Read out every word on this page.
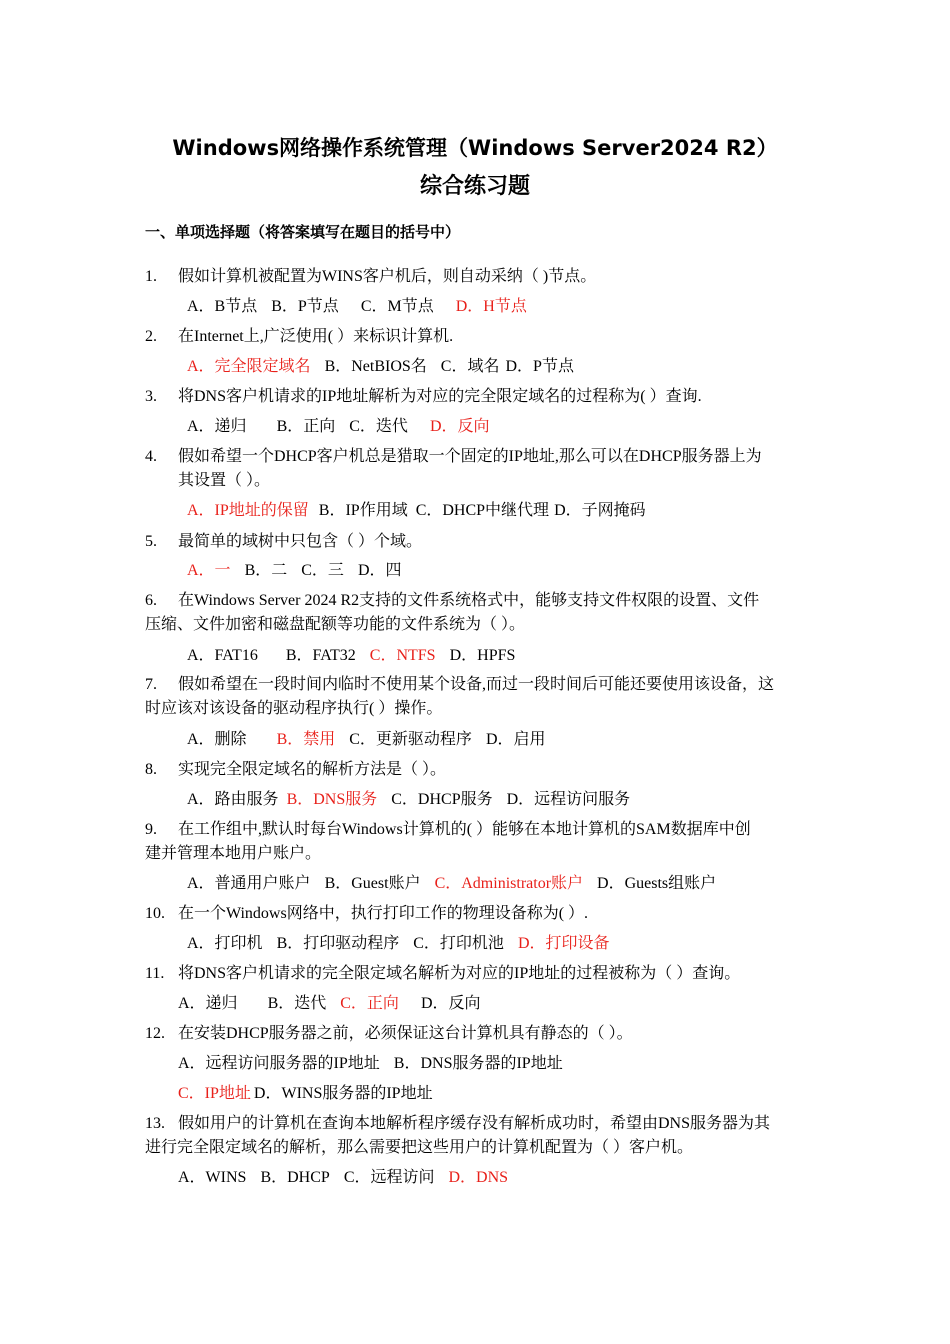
Windows网络操作系统管理（Windows Server2024 R2）
综合练习题
一、单项选择题（将答案填写在题目的括号中）
1. 假如计算机被配置为WINS客户机后，则自动采纳（ )节点。
A．B节点 B．P节点 C．M节点 D．H节点
2. 在Internet上,广泛使用( ）来标识计算机.
A．完全限定域名 B．NetBIOS名 C．域名 D．P节点
3. 将DNS客户机请求的IP地址解析为对应的完全限定域名的过程称为( ）查询.
A．递归 B．正向 C．迭代 D．反向
4. 假如希望一个DHCP客户机总是猎取一个固定的IP地址,那么可以在DHCP服务器上为
其设置（ ）。
A．IP地址的保留 B．IP作用域 C．DHCP中继代理 D．子网掩码
5. 最简单的域树中只包含（ ）个域。
A．一 B．二 C．三 D．四
6. 在Windows Server 2024 R2支持的文件系统格式中，能够支持文件权限的设置、文件
压缩、文件加密和磁盘配额等功能的文件系统为（ ）。
A．FAT16 B．FAT32 C．NTFS D．HPFS
7. 假如希望在一段时间内临时不使用某个设备,而过一段时间后可能还要使用该设备，这
时应该对该设备的驱动程序执行( ）操作。
A．删除 B．禁用 C．更新驱动程序 D．启用
8. 实现完全限定域名的解析方法是（ ）。
A．路由服务 B．DNS服务 C．DHCP服务 D．远程访问服务
9. 在工作组中,默认时每台Windows计算机的( ）能够在本地计算机的SAM数据库中创
建并管理本地用户账户。
A．普通用户账户 B．Guest账户 C．Administrator账户 D．Guests组账户
10. 在一个Windows网络中，执行打印工作的物理设备称为( ）.
A．打印机 B．打印驱动程序 C．打印机池 D．打印设备
11. 将DNS客户机请求的完全限定域名解析为对应的IP地址的过程被称为（ ）查询。
A．递归 B．迭代 C．正向 D．反向
12. 在安装DHCP服务器之前，必须保证这台计算机具有静态的（ ）。
A．远程访问服务器的IP地址 B．DNS服务器的IP地址
C．IP地址 D．WINS服务器的IP地址
13. 假如用户的计算机在查询本地解析程序缓存没有解析成功时，希望由DNS服务器为其
进行完全限定域名的解析，那么需要把这些用户的计算机配置为（ ）客户机。
A．WINS B．DHCP C．远程访问 D．DNS
